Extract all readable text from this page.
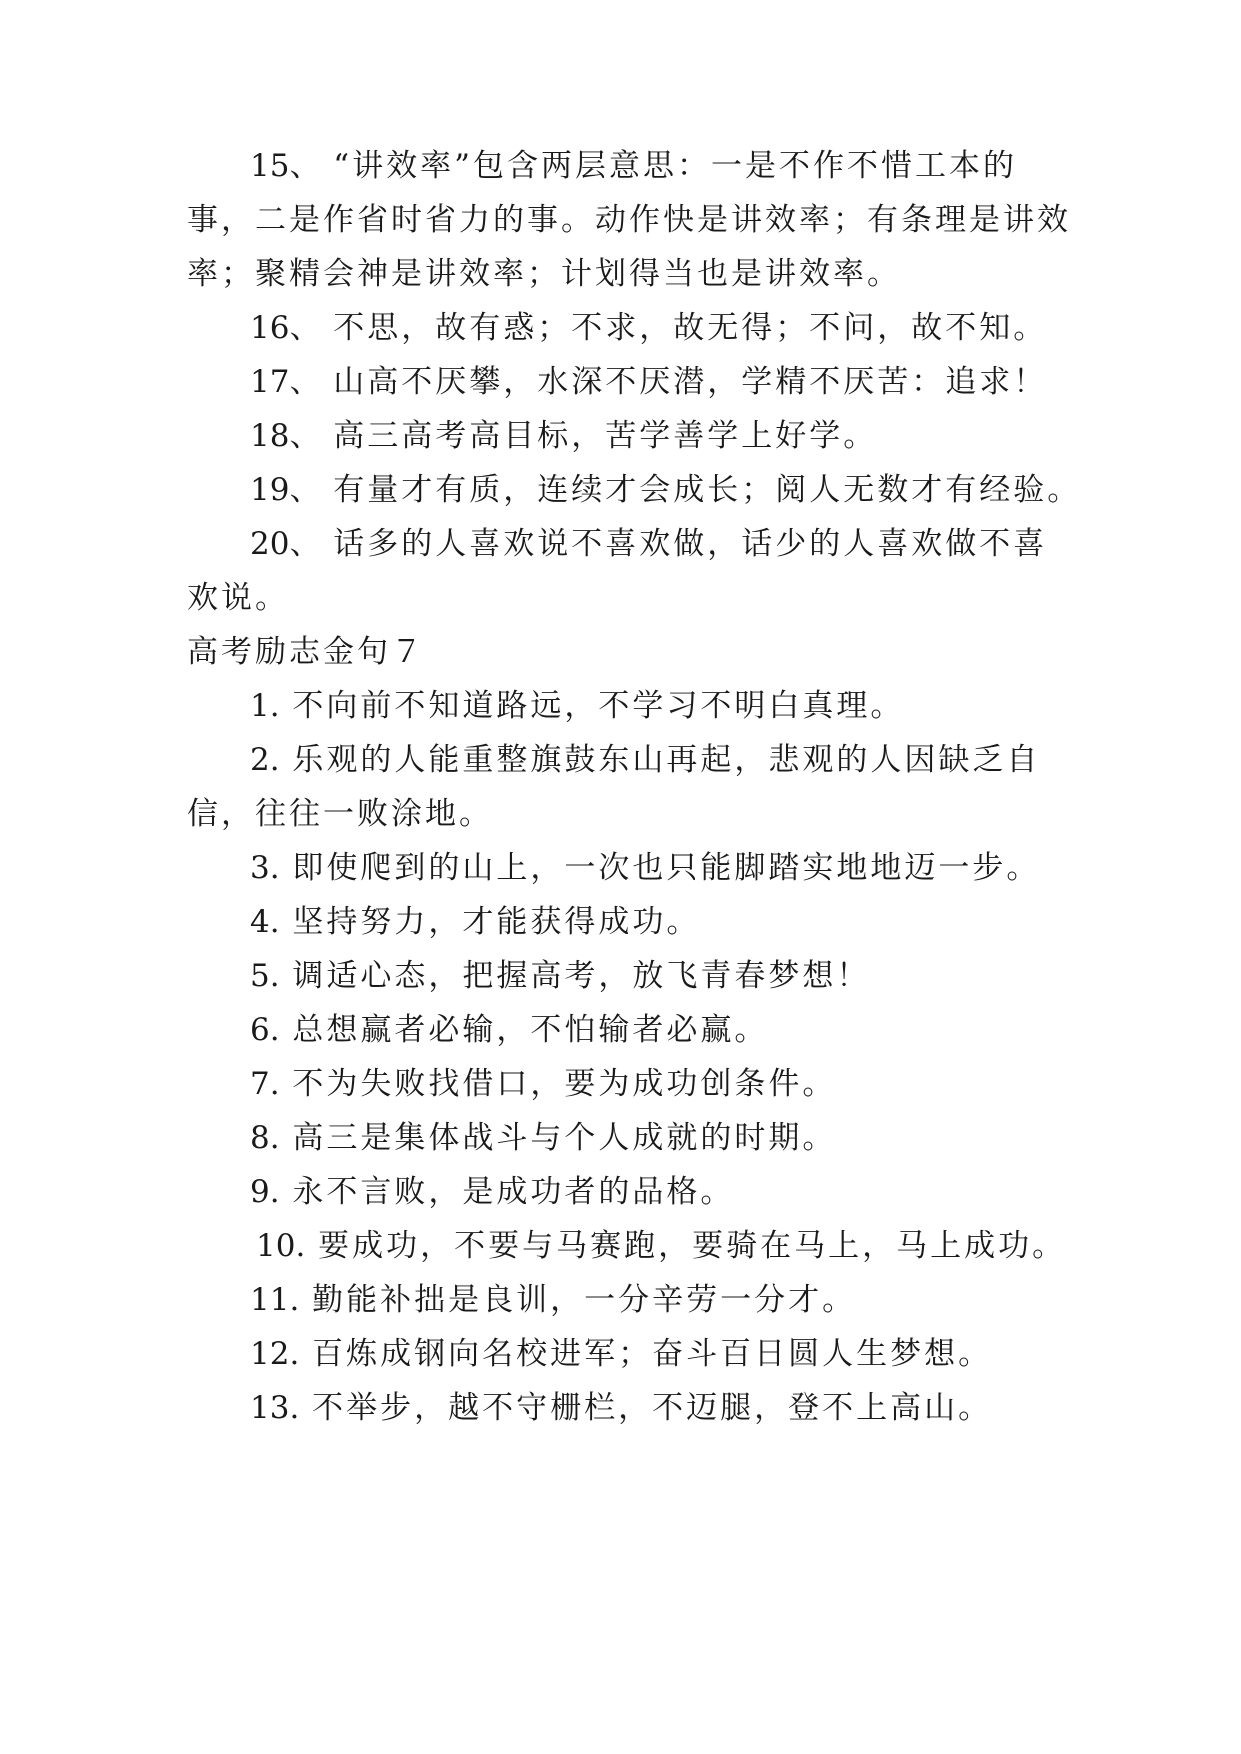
15、 “讲效率”包含两层意思：一是不作不惜工本的
事，二是作省时省力的事。动作快是讲效率；有条理是讲效
率；聚精会神是讲效率；计划得当也是讲效率。
16、 不思，故有惑；不求，故无得；不问，故不知。
17、 山高不厌攀，水深不厌潜，学精不厌苦：追求！
18、 高三高考高目标，苦学善学上好学。
19、 有量才有质，连续才会成长；阅人无数才有经验。
20、 话多的人喜欢说不喜欢做，话少的人喜欢做不喜
欢说。
高考励志金句７
1. 不向前不知道路远，不学习不明白真理。
2. 乐观的人能重整旗鼓东山再起，悲观的人因缺乏自
信，往往一败涂地。
3. 即使爬到的山上，一次也只能脚踏实地地迈一步。
4. 坚持努力，才能获得成功。
5. 调适心态，把握高考，放飞青春梦想！
6. 总想赢者必输，不怕输者必赢。
7. 不为失败找借口，要为成功创条件。
8. 高三是集体战斗与个人成就的时期。
9. 永不言败，是成功者的品格。
10. 要成功，不要与马赛跑，要骑在马上，马上成功。
11. 勤能补拙是良训，一分辛劳一分才。
12. 百炼成钢向名校进军；奋斗百日圆人生梦想。
13. 不举步，越不守栅栏，不迈腿，登不上高山。
